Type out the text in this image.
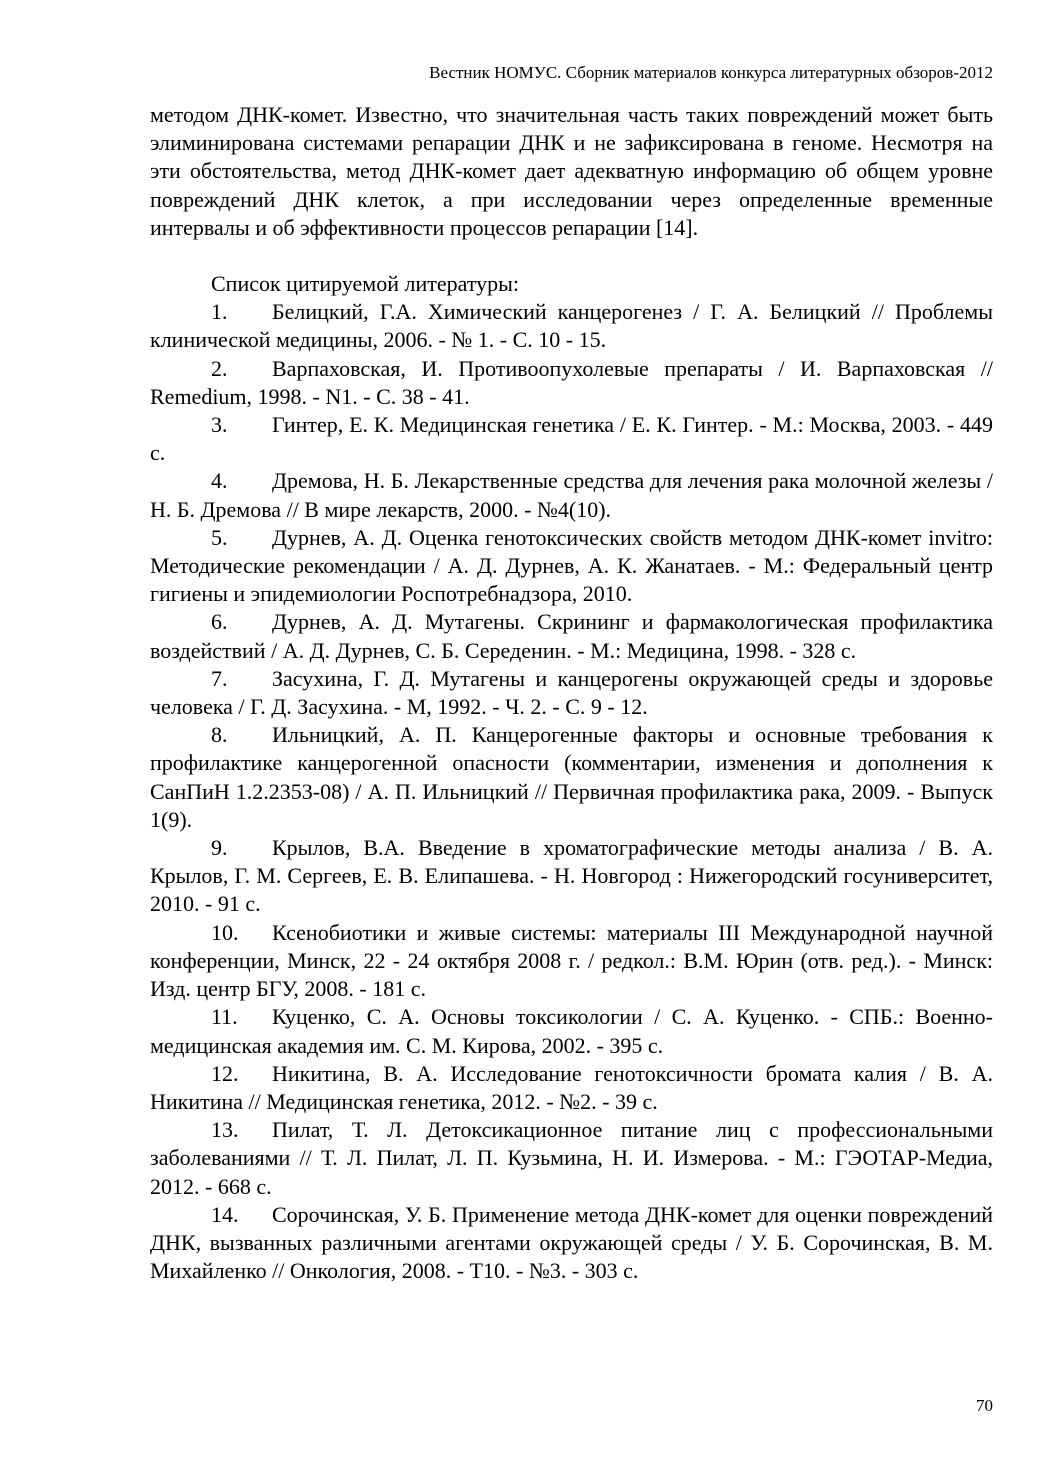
Вестник НОМУС. Сборник материалов конкурса литературных обзоров-2012

методом ДНК-комет. Известно, что значительная часть таких повреждений может быть элиминирована системами репарации ДНК и не зафиксирована в геноме. Несмотря на эти обстоятельства, метод ДНК-комет дает адекватную информацию об общем уровне повреждений ДНК клеток, а при исследовании через определенные временные интервалы и об эффективности процессов репарации [14].

Список цитируемой литературы:

1. Белицкий, Г.А. Химический канцерогенез / Г. А. Белицкий // Проблемы клинической медицины, 2006. - № 1. - С. 10 - 15.

2. Варпаховская, И. Противоопухолевые препараты / И. Варпаховская // Remedium, 1998. - N1. - С. 38 - 41.

3. Гинтер, Е. К. Медицинская генетика / Е. К. Гинтер. - М.: Москва, 2003. - 449 с.

4. Дремова, Н. Б. Лекарственные средства для лечения рака молочной железы / Н. Б. Дремова // В мире лекарств, 2000. - №4(10).

5. Дурнев, А. Д. Оценка генотоксических свойств методом ДНК-комет invitro: Методические рекомендации / А. Д. Дурнев, А. К. Жанатаев. - М.: Федеральный центр гигиены и эпидемиологии Роспотребнадзора, 2010.

6. Дурнев, А. Д. Мутагены. Скрининг и фармакологическая профилактика воздействий / А. Д. Дурнев, С. Б. Середенин. - М.: Медицина, 1998. - 328 с.

7. Засухина, Г. Д. Мутагены и канцерогены окружающей среды и здоровье человека / Г. Д. Засухина. - М, 1992. - Ч. 2. - С. 9 - 12.

8. Ильницкий, А. П. Канцерогенные факторы и основные требования к профилактике канцерогенной опасности (комментарии, изменения и дополнения к СанПиН 1.2.2353-08) / А. П. Ильницкий // Первичная профилактика рака, 2009. - Выпуск 1(9).

9. Крылов, В.А. Введение в хроматографические методы анализа / В. А. Крылов, Г. М. Сергеев, Е. В. Елипашева. - Н. Новгород : Нижегородский госуниверситет, 2010. - 91 с.

10. Ксенобиотики и живые системы: материалы III Международной научной конференции, Минск, 22 - 24 октября 2008 г. / редкол.: В.М. Юрин (отв. ред.). - Минск: Изд. центр БГУ, 2008. - 181 с.

11. Куценко, С. А. Основы токсикологии / С. А. Куценко. - СПБ.: Военно-медицинская академия им. С. М. Кирова, 2002. - 395 с.

12. Никитина, В. А. Исследование генотоксичности бромата калия / В. А. Никитина // Медицинская генетика, 2012. - №2. - 39 с.

13. Пилат, Т. Л. Детоксикационное питание лиц с профессиональными заболеваниями // Т. Л. Пилат, Л. П. Кузьмина, Н. И. Измерова. - М.: ГЭОТАР-Медиа, 2012. - 668 с.

14. Сорочинская, У. Б. Применение метода ДНК-комет для оценки повреждений ДНК, вызванных различными агентами окружающей среды / У. Б. Сорочинская, В. М. Михайленко // Онкология, 2008. - Т10. - №3. - 303 с.

70
